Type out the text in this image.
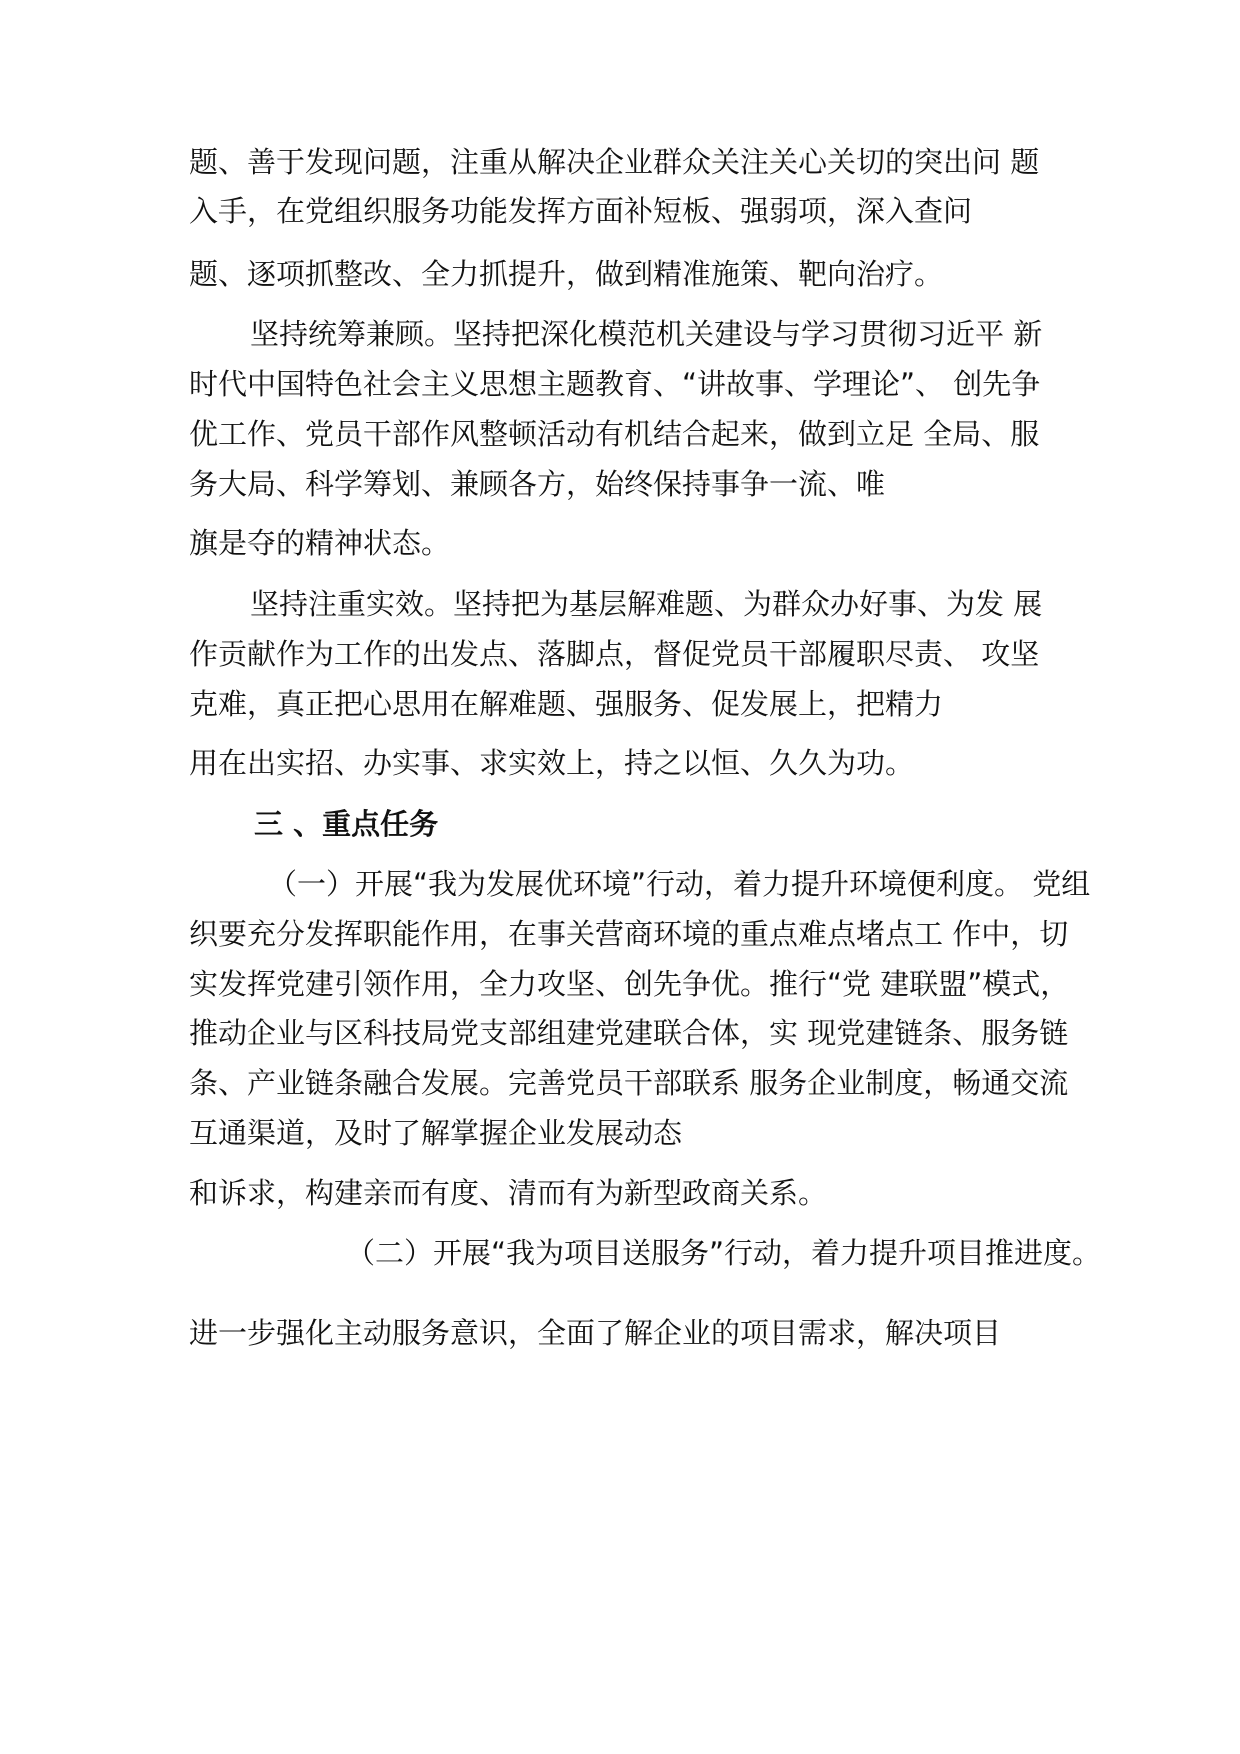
题、善于发现问题，注重从解决企业群众关注关心关切的突出问 题
入手，在党组织服务功能发挥方面补短板、强弱项，深入查问
题、逐项抓整改、全力抓提升，做到精准施策、靶向治疗。
坚持统筹兼顾。坚持把深化模范机关建设与学习贯彻习近平 新
时代中国特色社会主义思想主题教育、“讲故事、学理论”、 创先争
优工作、党员干部作风整顿活动有机结合起来，做到立足 全局、服
务大局、科学筹划、兼顾各方，始终保持事争一流、唯
旗是夺的精神状态。
坚持注重实效。坚持把为基层解难题、为群众办好事、为发 展
作贡献作为工作的出发点、落脚点，督促党员干部履职尽责、 攻坚
克难，真正把心思用在解难题、强服务、促发展上，把精力
用在出实招、办实事、求实效上，持之以恒、久久为功。
三 、重点任务
（一）开展“我为发展优环境”行动，着力提升环境便利度。 党组
织要充分发挥职能作用，在事关营商环境的重点难点堵点工 作中，切
实发挥党建引领作用，全力攻坚、创先争优。推行“党 建联盟”模式，
推动企业与区科技局党支部组建党建联合体，实 现党建链条、服务链
条、产业链条融合发展。完善党员干部联系 服务企业制度，畅通交流
互通渠道，及时了解掌握企业发展动态
和诉求，构建亲而有度、清而有为新型政商关系。
（二）开展“我为项目送服务”行动，着力提升项目推进度。
进一步强化主动服务意识，全面了解企业的项目需求，解决项目
